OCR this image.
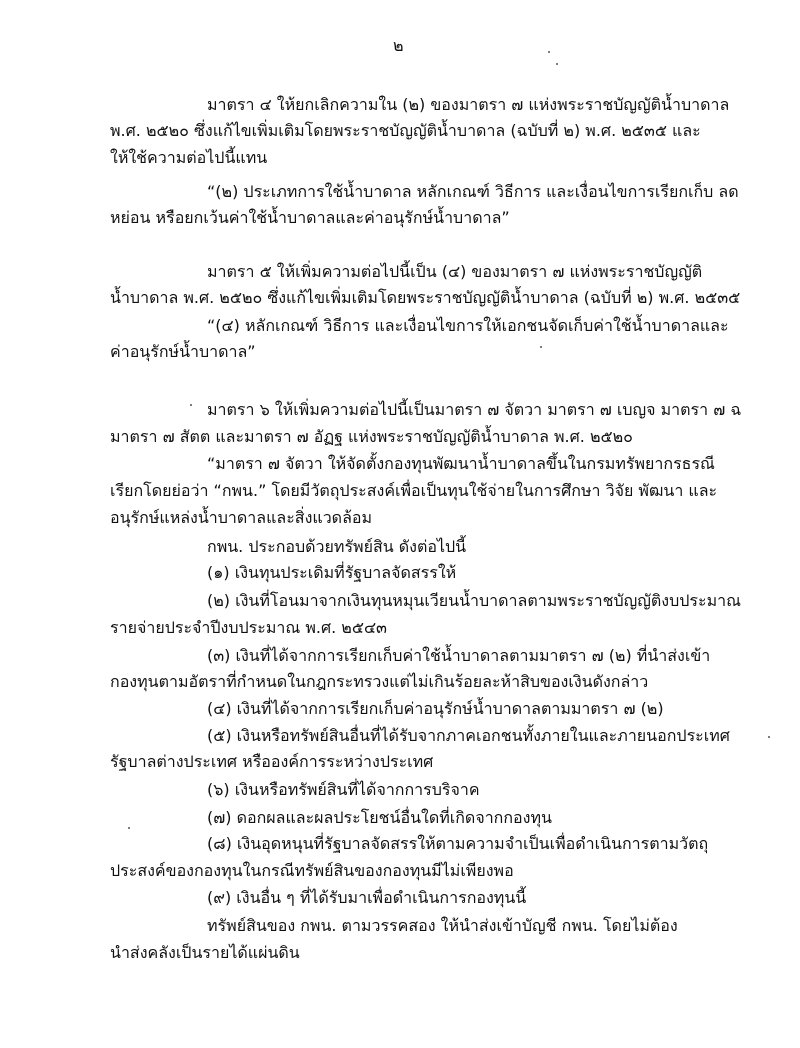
๒
มาตรา ๔ ให้ยกเลิกความใน (๒) ของมาตรา ๗ แห่งพระราชบัญญัติน้ำบาดาล
พ.ศ. ๒๕๒๐ ซึ่งแก้ไขเพิ่มเติมโดยพระราชบัญญัติน้ำบาดาล (ฉบับที่ ๒) พ.ศ. ๒๕๓๕ และ
ให้ใช้ความต่อไปนี้แทน
“(๒) ประเภทการใช้น้ำบาดาล หลักเกณฑ์ วิธีการ และเงื่อนไขการเรียกเก็บ ลด
หย่อน หรือยกเว้นค่าใช้น้ำบาดาลและค่าอนุรักษ์น้ำบาดาล”
มาตรา ๕ ให้เพิ่มความต่อไปนี้เป็น (๔) ของมาตรา ๗ แห่งพระราชบัญญัติ
น้ำบาดาล พ.ศ. ๒๕๒๐ ซึ่งแก้ไขเพิ่มเติมโดยพระราชบัญญัติน้ำบาดาล (ฉบับที่ ๒) พ.ศ. ๒๕๓๕
“(๔) หลักเกณฑ์ วิธีการ และเงื่อนไขการให้เอกชนจัดเก็บค่าใช้น้ำบาดาลและ
ค่าอนุรักษ์น้ำบาดาล”
มาตรา ๖ ให้เพิ่มความต่อไปนี้เป็นมาตรา ๗ จัตวา มาตรา ๗ เบญจ มาตรา ๗ ฉ
มาตรา ๗ สัตต และมาตรา ๗ อัฏฐ แห่งพระราชบัญญัติน้ำบาดาล พ.ศ. ๒๕๒๐
“มาตรา ๗ จัตวา ให้จัดตั้งกองทุนพัฒนาน้ำบาดาลขึ้นในกรมทรัพยากรธรณี
เรียกโดยย่อว่า “กพน.” โดยมีวัตถุประสงค์เพื่อเป็นทุนใช้จ่ายในการศึกษา วิจัย พัฒนา และ
อนุรักษ์แหล่งน้ำบาดาลและสิ่งแวดล้อม
กพน. ประกอบด้วยทรัพย์สิน ดังต่อไปนี้
(๑) เงินทุนประเดิมที่รัฐบาลจัดสรรให้
(๒) เงินที่โอนมาจากเงินทุนหมุนเวียนน้ำบาดาลตามพระราชบัญญัติงบประมาณ
รายจ่ายประจำปีงบประมาณ พ.ศ. ๒๕๔๓
(๓) เงินที่ได้จากการเรียกเก็บค่าใช้น้ำบาดาลตามมาตรา ๗ (๒) ที่นำส่งเข้า
กองทุนตามอัตราที่กำหนดในกฎกระทรวงแต่ไม่เกินร้อยละห้าสิบของเงินดังกล่าว
(๔) เงินที่ได้จากการเรียกเก็บค่าอนุรักษ์น้ำบาดาลตามมาตรา ๗ (๒)
(๕) เงินหรือทรัพย์สินอื่นที่ได้รับจากภาคเอกชนทั้งภายในและภายนอกประเทศ
รัฐบาลต่างประเทศ หรือองค์การระหว่างประเทศ
(๖) เงินหรือทรัพย์สินที่ได้จากการบริจาค
(๗) ดอกผลและผลประโยชน์อื่นใดที่เกิดจากกองทุน
(๘) เงินอุดหนุนที่รัฐบาลจัดสรรให้ตามความจำเป็นเพื่อดำเนินการตามวัตถุ
ประสงค์ของกองทุนในกรณีทรัพย์สินของกองทุนมีไม่เพียงพอ
(๙) เงินอื่น ๆ ที่ได้รับมาเพื่อดำเนินการกองทุนนี้
ทรัพย์สินของ กพน. ตามวรรคสอง ให้นำส่งเข้าบัญชี กพน. โดยไม่ต้อง
นำส่งคลังเป็นรายได้แผ่นดิน
